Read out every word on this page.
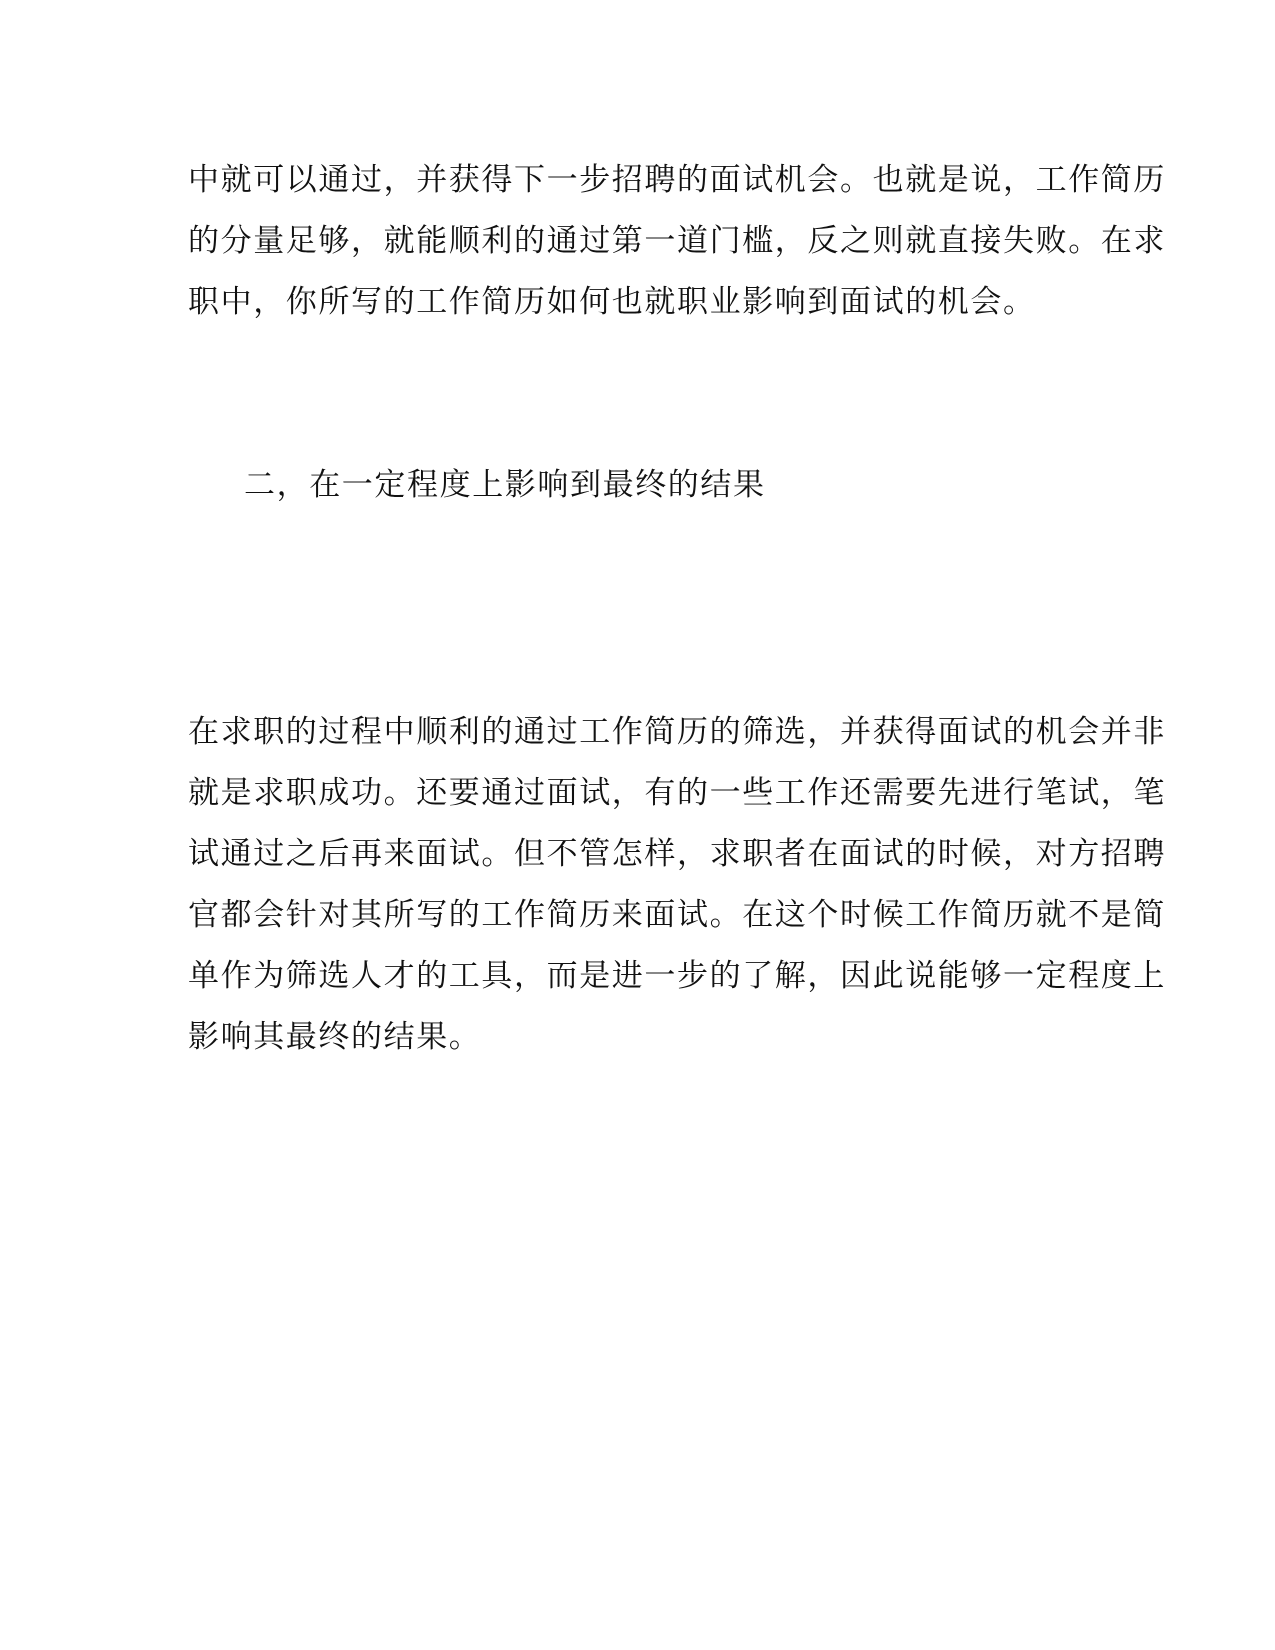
中就可以通过，并获得下一步招聘的面试机会。也就是说，工作简历
的分量足够，就能顺利的通过第一道门槛，反之则就直接失败。在求
职中，你所写的工作简历如何也就职业影响到面试的机会。
二，在一定程度上影响到最终的结果
在求职的过程中顺利的通过工作简历的筛选，并获得面试的机会并非
就是求职成功。还要通过面试，有的一些工作还需要先进行笔试，笔
试通过之后再来面试。但不管怎样，求职者在面试的时候，对方招聘
官都会针对其所写的工作简历来面试。在这个时候工作简历就不是简
单作为筛选人才的工具，而是进一步的了解，因此说能够一定程度上
影响其最终的结果。
